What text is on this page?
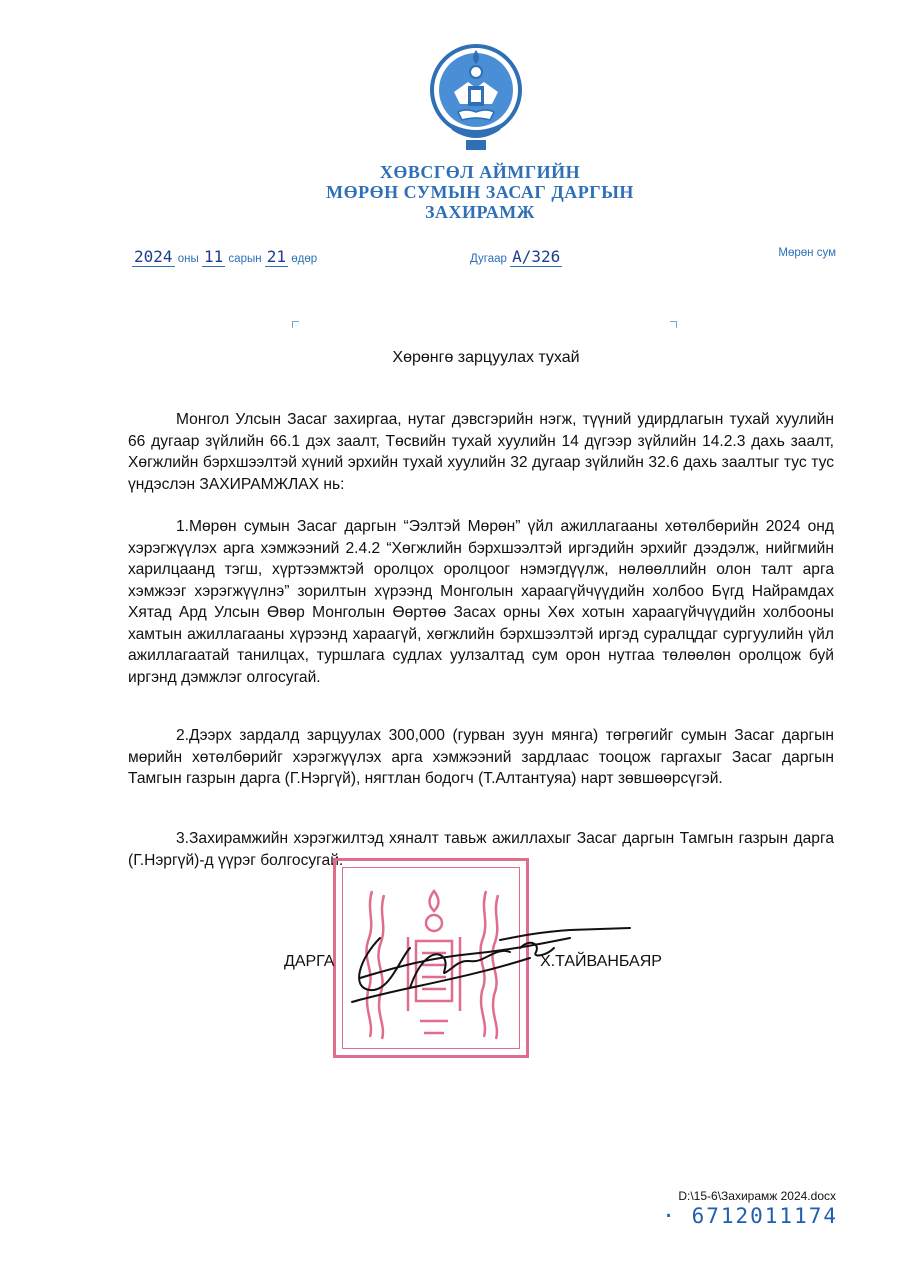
ХӨВСГӨЛ АЙМГИЙН
МӨРӨН СУМЫН ЗАСАГ ДАРГЫН
ЗАХИРАМЖ
2024 оны 11 сарын 21 өдөр	Дугаар А/326	Мөрөн сум
Хөрөнгө зарцуулах тухай

Монгол Улсын Засаг захиргаа, нутаг дэвсгэрийн нэгж, түүний удирдлагын тухай хуулийн 66 дугаар зүйлийн 66.1 дэх заалт, Төсвийн тухай хуулийн 14 дүгээр зүйлийн 14.2.3 дахь заалт, Хөгжлийн бэрхшээлтэй хүний эрхийн тухай хуулийн 32 дугаар зүйлийн 32.6 дахь заалтыг тус тус үндэслэн ЗАХИРАМЖЛАХ нь:

1.Мөрөн сумын Засаг даргын “Ээлтэй Мөрөн” үйл ажиллагааны хөтөлбөрийн 2024 онд хэрэгжүүлэх арга хэмжээний 2.4.2 “Хөгжлийн бэрхшээлтэй иргэдийн эрхийг дээдэлж, нийгмийн харилцаанд тэгш, хүртээмжтэй оролцох оролцоог нэмэгдүүлж, нөлөөллийн олон талт арга хэмжээг хэрэгжүүлнэ” зорилтын хүрээнд Монголын хараагүйчүүдийн холбоо Бүгд Найрамдах Хятад Ард Улсын Өвөр Монголын Өөртөө Засах орны Хөх хотын хараагүйчүүдийн холбооны хамтын ажиллагааны хүрээнд хараагүй, хөгжлийн бэрхшээлтэй иргэд суралцдаг сургуулийн үйл ажиллагаатай танилцах, туршлага судлах уулзалтад сум орон нутгаа төлөөлөн оролцож буй иргэнд дэмжлэг олгосугай.

2.Дээрх зардалд зарцуулах 300,000 (гурван зуун мянга) төгрөгийг сумын Засаг даргын мөрийн хөтөлбөрийг хэрэгжүүлэх арга хэмжээний зардлаас тооцож гаргахыг Засаг даргын Тамгын газрын дарга (Г.Нэргүй), нягтлан бодогч (Т.Алтантуяа) нарт зөвшөөрсүгэй.

3.Захирамжийн хэрэгжилтэд хяналт тавьж ажиллахыг Засаг даргын Тамгын газрын дарга (Г.Нэргүй)-д үүрэг болгосугай.

ДАРГА	Х.ТАЙВАНБАЯР
D:\15-6\Захирамж 2024.docx
· 6712011174
